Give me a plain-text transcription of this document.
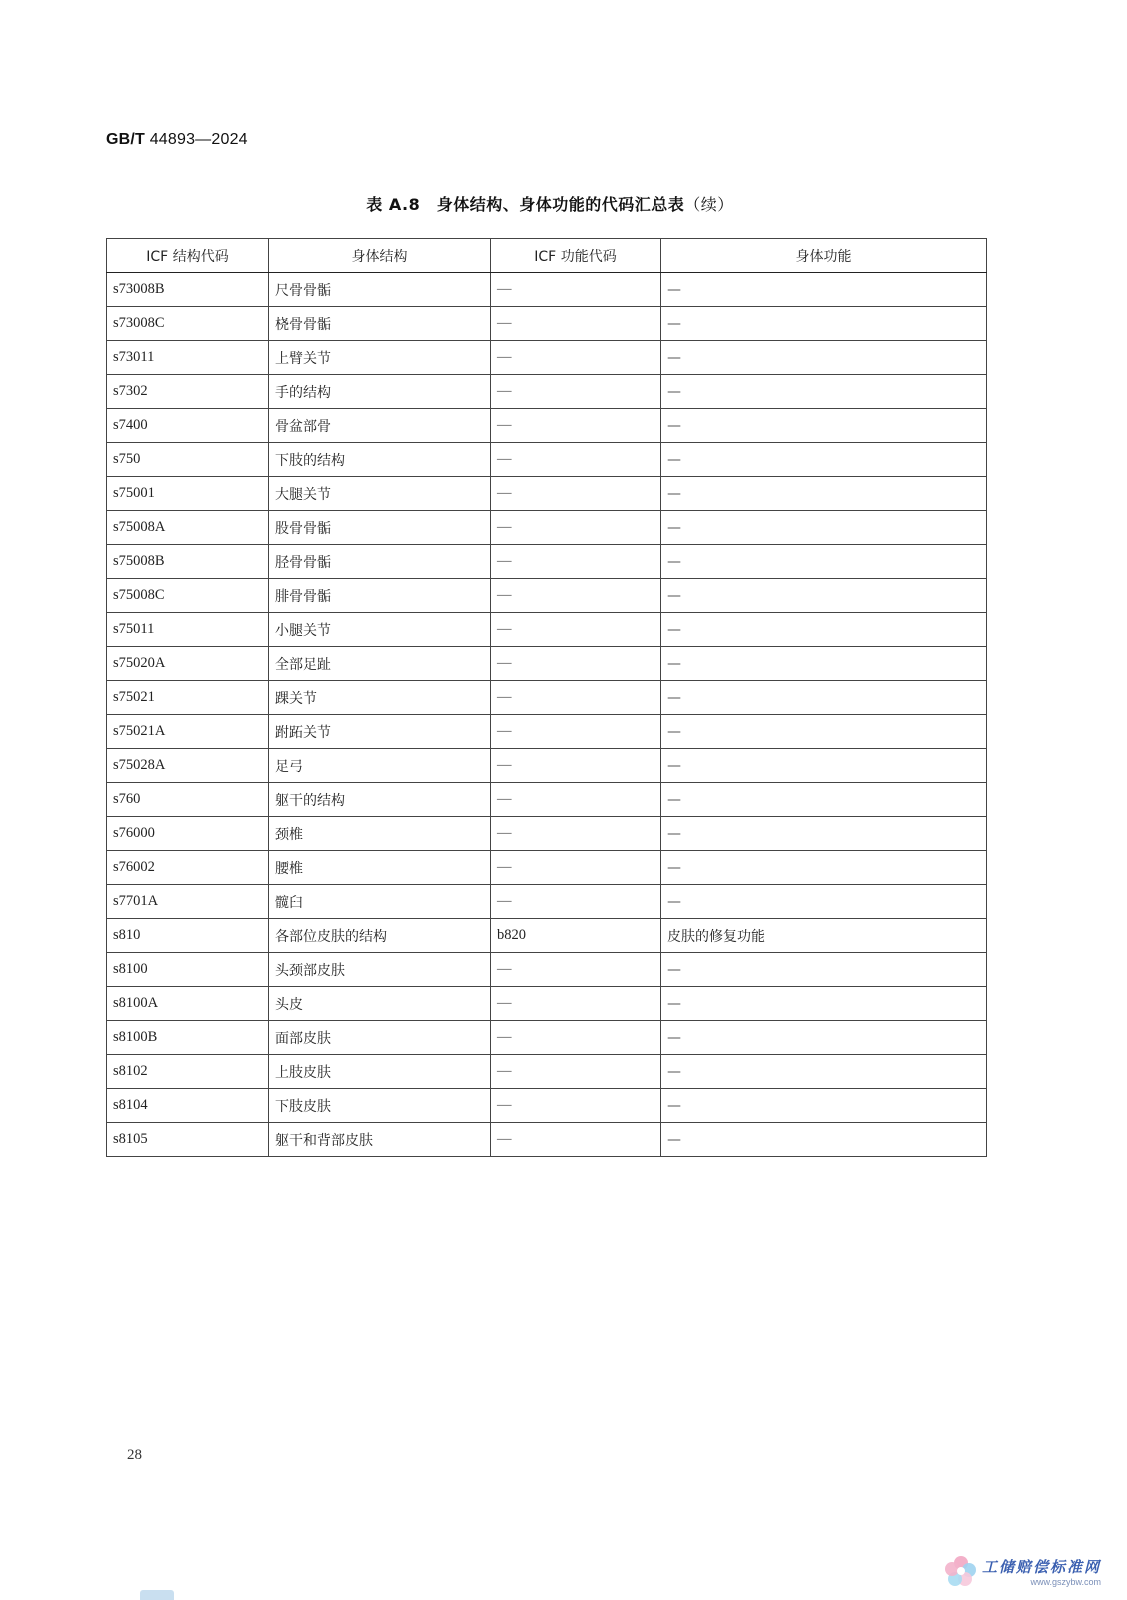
GB/T 44893—2024
表 A.8　身体结构、身体功能的代码汇总表（续）
ICF 结构代码	身体结构	ICF 功能代码	身体功能
s73008B	尺骨骨骺	—	—
s73008C	桡骨骨骺	—	—
s73011	上臂关节	—	—
s7302	手的结构	—	—
s7400	骨盆部骨	—	—
s750	下肢的结构	—	—
s75001	大腿关节	—	—
s75008A	股骨骨骺	—	—
s75008B	胫骨骨骺	—	—
s75008C	腓骨骨骺	—	—
s75011	小腿关节	—	—
s75020A	全部足趾	—	—
s75021	踝关节	—	—
s75021A	跗跖关节	—	—
s75028A	足弓	—	—
s760	躯干的结构	—	—
s76000	颈椎	—	—
s76002	腰椎	—	—
s7701A	髋臼	—	—
s810	各部位皮肤的结构	b820	皮肤的修复功能
s8100	头颈部皮肤	—	—
s8100A	头皮	—	—
s8100B	面部皮肤	—	—
s8102	上肢皮肤	—	—
s8104	下肢皮肤	—	—
s8105	躯干和背部皮肤	—	—
28
工储赔偿标准网
www.gszybw.com
